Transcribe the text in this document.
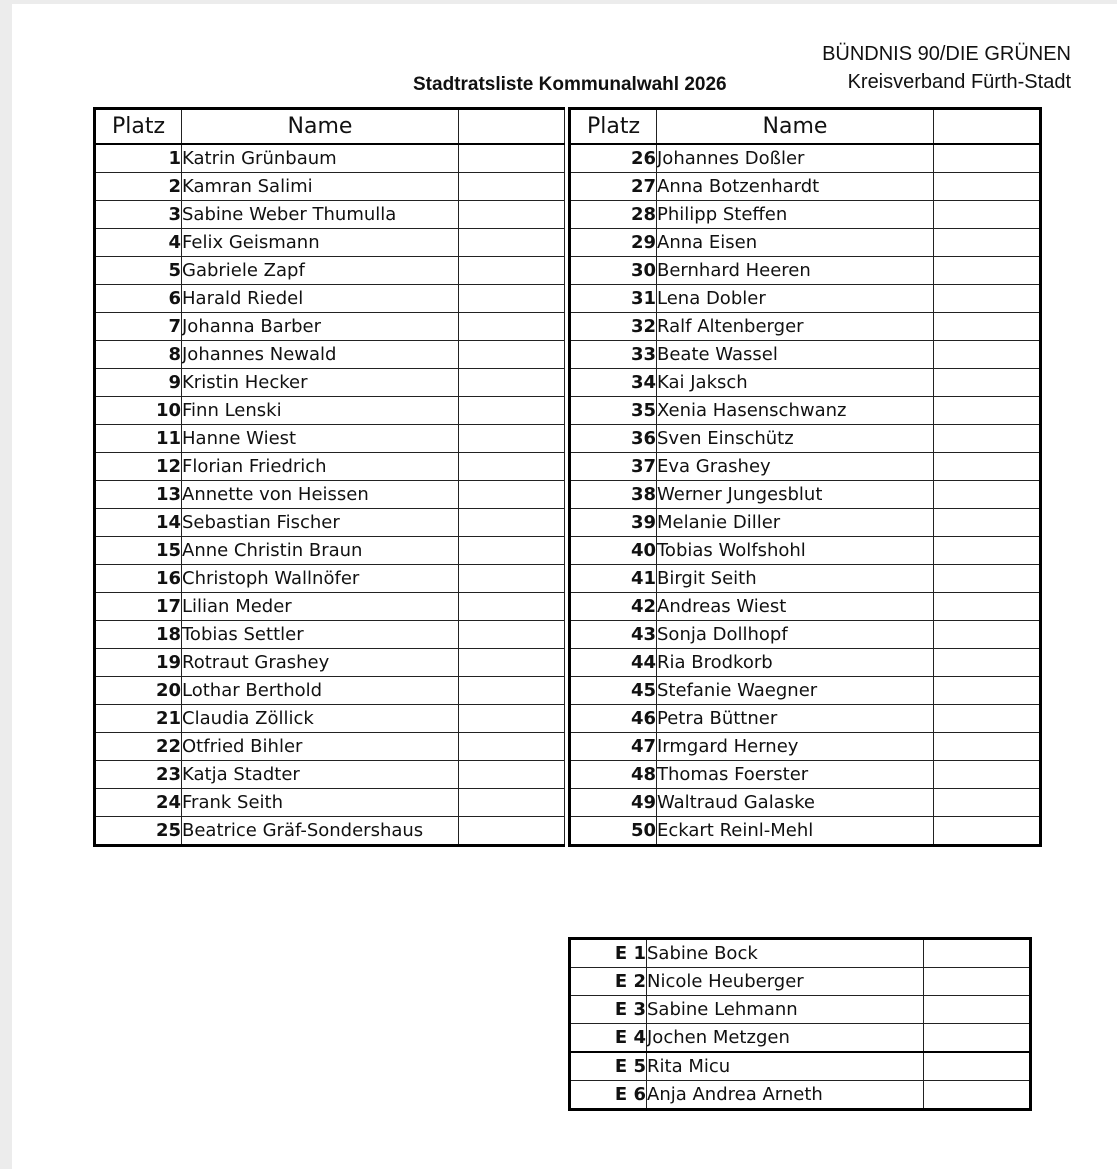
BÜNDNIS 90/DIE GRÜNEN
Kreisverband Fürth-Stadt
Stadtratsliste Kommunalwahl 2026
Platz	Name	
1	Katrin Grünbaum	
2	Kamran Salimi	
3	Sabine Weber Thumulla	
4	Felix Geismann	
5	Gabriele Zapf	
6	Harald Riedel	
7	Johanna Barber	
8	Johannes Newald	
9	Kristin Hecker	
10	Finn Lenski	
11	Hanne Wiest	
12	Florian Friedrich	
13	Annette von Heissen	
14	Sebastian Fischer	
15	Anne Christin Braun	
16	Christoph Wallnöfer	
17	Lilian Meder	
18	Tobias Settler	
19	Rotraut Grashey	
20	Lothar Berthold	
21	Claudia Zöllick	
22	Otfried Bihler	
23	Katja Stadter	
24	Frank Seith	
25	Beatrice Gräf-Sondershaus	
Platz	Name	
26	Johannes Doßler	
27	Anna Botzenhardt	
28	Philipp Steffen	
29	Anna Eisen	
30	Bernhard Heeren	
31	Lena Dobler	
32	Ralf Altenberger	
33	Beate Wassel	
34	Kai Jaksch	
35	Xenia Hasenschwanz	
36	Sven Einschütz	
37	Eva Grashey	
38	Werner Jungesblut	
39	Melanie Diller	
40	Tobias Wolfshohl	
41	Birgit Seith	
42	Andreas Wiest	
43	Sonja Dollhopf	
44	Ria Brodkorb	
45	Stefanie Waegner	
46	Petra Büttner	
47	Irmgard Herney	
48	Thomas Foerster	
49	Waltraud Galaske	
50	Eckart Reinl-Mehl	
E 1	Sabine Bock	
E 2	Nicole Heuberger	
E 3	Sabine Lehmann	
E 4	Jochen Metzgen	
E 5	Rita Micu	
E 6	Anja Andrea Arneth	
